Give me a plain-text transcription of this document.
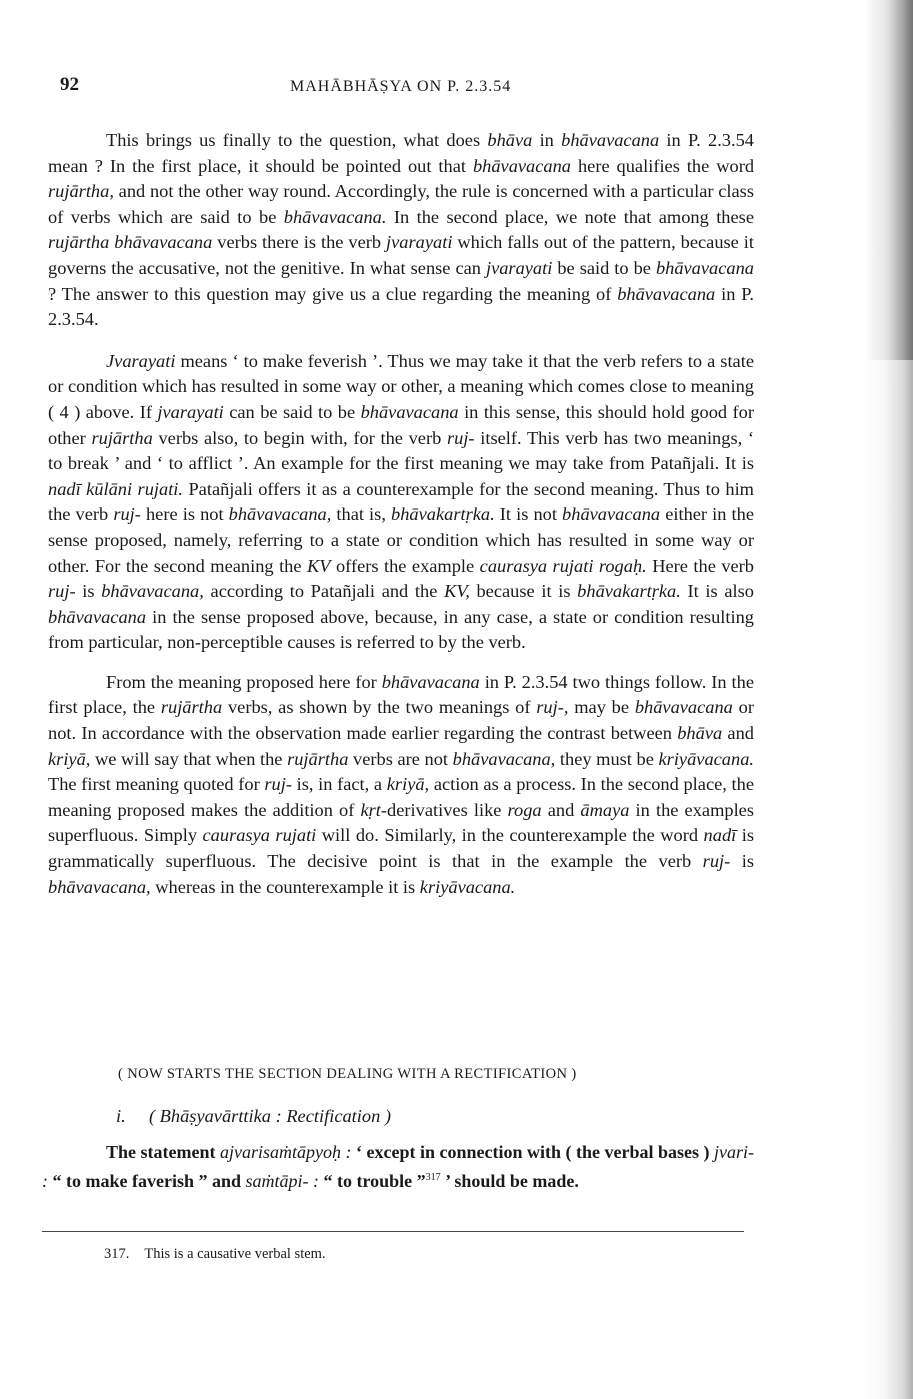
92	MAHĀBHĀṢYA ON P. 2.3.54

This brings us finally to the question, what does bhāva in bhāvavacana in P. 2.3.54 mean ? In the first place, it should be pointed out that bhāvavacana here qualifies the word rujārtha, and not the other way round. Accordingly, the rule is concerned with a particular class of verbs which are said to be bhāvavacana. In the second place, we note that among these rujārtha bhāvavacana verbs there is the verb jvarayati which falls out of the pattern, because it governs the accusative, not the genitive. In what sense can jvarayati be said to be bhāvavacana ? The answer to this question may give us a clue regarding the meaning of bhāvavacana in P. 2.3.54.

Jvarayati means ‘ to make feverish ’. Thus we may take it that the verb refers to a state or condition which has resulted in some way or other, a meaning which comes close to meaning ( 4 ) above. If jvarayati can be said to be bhāvavacana in this sense, this should hold good for other rujārtha verbs also, to begin with, for the verb ruj- itself. This verb has two meanings, ‘ to break ’ and ‘ to afflict ’. An example for the first meaning we may take from Patañjali. It is nadī kūlāni rujati. Patañjali offers it as a counterexample for the second meaning. Thus to him the verb ruj- here is not bhāvavacana, that is, bhāvakartṛka. It is not bhāvavacana either in the sense proposed, namely, referring to a state or condition which has resulted in some way or other. For the second meaning the KV offers the example caurasya rujati rogaḥ. Here the verb ruj- is bhāvavacana, according to Patañjali and the KV, because it is bhāvakartṛka. It is also bhāvavacana in the sense proposed above, because, in any case, a state or condition resulting from particular, non-perceptible causes is referred to by the verb.

From the meaning proposed here for bhāvavacana in P. 2.3.54 two things follow. In the first place, the rujārtha verbs, as shown by the two meanings of ruj-, may be bhāvavacana or not. In accordance with the observation made earlier regarding the contrast between bhāva and kriyā, we will say that when the rujārtha verbs are not bhāvavacana, they must be kriyāvacana. The first meaning quoted for ruj- is, in fact, a kriyā, action as a process. In the second place, the meaning proposed makes the addition of kṛt-derivatives like roga and āmaya in the examples superfluous. Simply caurasya rujati will do. Similarly, in the counterexample the word nadī is grammatically superfluous. The decisive point is that in the example the verb ruj- is bhāvavacana, whereas in the counterexample it is kriyāvacana.

( NOW STARTS THE SECTION DEALING WITH A RECTIFICATION )
i. ( Bhāṣyavārttika : Rectification )
The statement ajvarisaṁtāpyoḥ : ‘ except in connection with ( the verbal bases ) jvari- : “ to make faverish ” and saṁtāpi- : “ to trouble ”$^{317}$ ’ should be made.
317. This is a causative verbal stem.
